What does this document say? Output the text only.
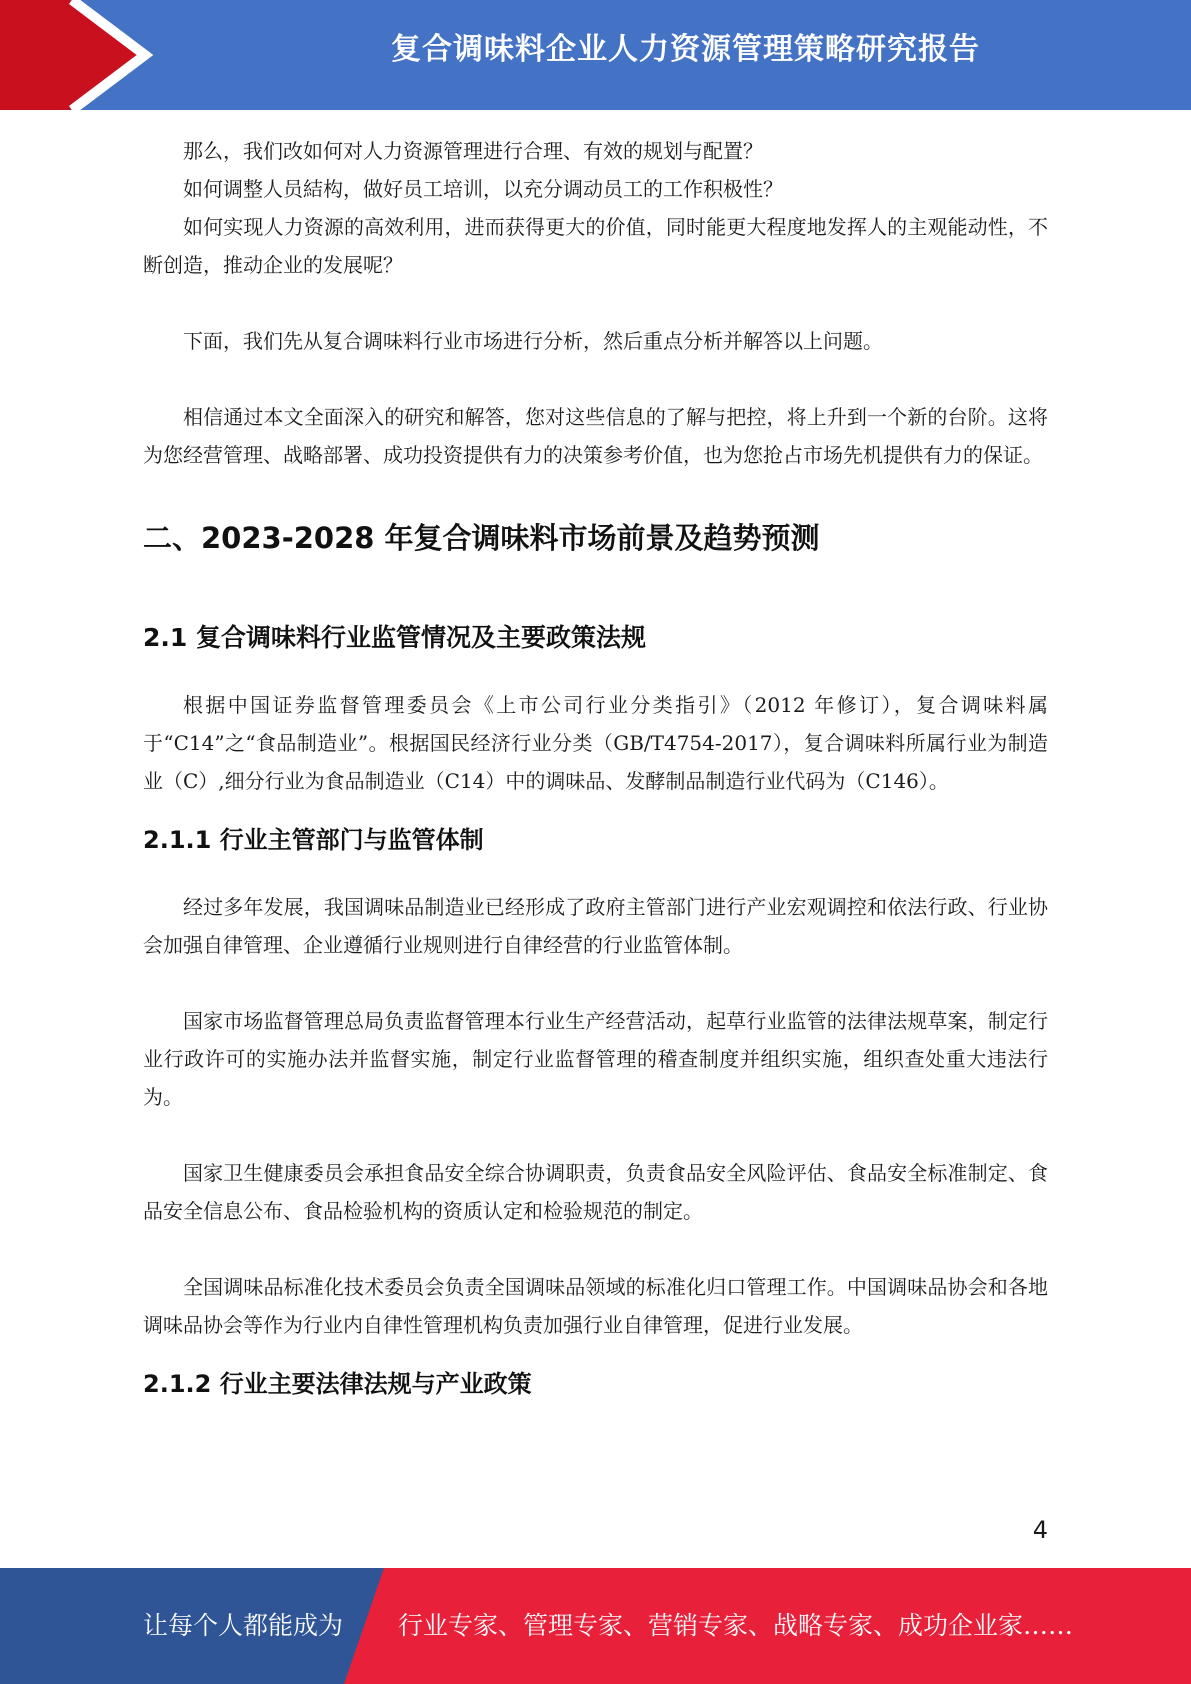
复合调味料企业人力资源管理策略研究报告

那么，我们改如何对人力资源管理进行合理、有效的规划与配置？

如何调整人员結构，做好员工培训，以充分调动员工的工作积极性？

如何实现人力资源的高效利用，进而获得更大的价值，同时能更大程度地发挥人的主观能动性，不断创造，推动企业的发展呢？

下面，我们先从复合调味料行业市场进行分析，然后重点分析并解答以上问题。

相信通过本文全面深入的研究和解答，您对这些信息的了解与把控，将上升到一个新的台阶。这将为您经营管理、战略部署、成功投资提供有力的决策参考价值，也为您抢占市场先机提供有力的保证。

二、2023-2028 年复合调味料市场前景及趋势预测
2.1 复合调味料行业监管情况及主要政策法规

根据中国证券监督管理委员会《上市公司行业分类指引》（2012 年修订），复合调味料属于“C14”之“食品制造业”。根据国民经济行业分类（GB/T4754-2017），复合调味料所属行业为制造业（C）,细分行业为食品制造业（C14）中的调味品、发酵制品制造行业代码为（C146）。

2.1.1 行业主管部门与监管体制

经过多年发展，我国调味品制造业已经形成了政府主管部门进行产业宏观调控和依法行政、行业协会加强自律管理、企业遵循行业规则进行自律经营的行业监管体制。

国家市场监督管理总局负责监督管理本行业生产经营活动，起草行业监管的法律法规草案，制定行业行政许可的实施办法并监督实施，制定行业监督管理的稽查制度并组织实施，组织查处重大违法行为。

国家卫生健康委员会承担食品安全综合协调职责，负责食品安全风险评估、食品安全标准制定、食品安全信息公布、食品检验机构的资质认定和检验规范的制定。

全国调味品标准化技术委员会负责全国调味品领域的标准化归口管理工作。中国调味品协会和各地调味品协会等作为行业内自律性管理机构负责加强行业自律管理，促进行业发展。

2.1.2 行业主要法律法规与产业政策
4
让每个人都能成为 行业专家、管理专家、营销专家、战略专家、成功企业家……
